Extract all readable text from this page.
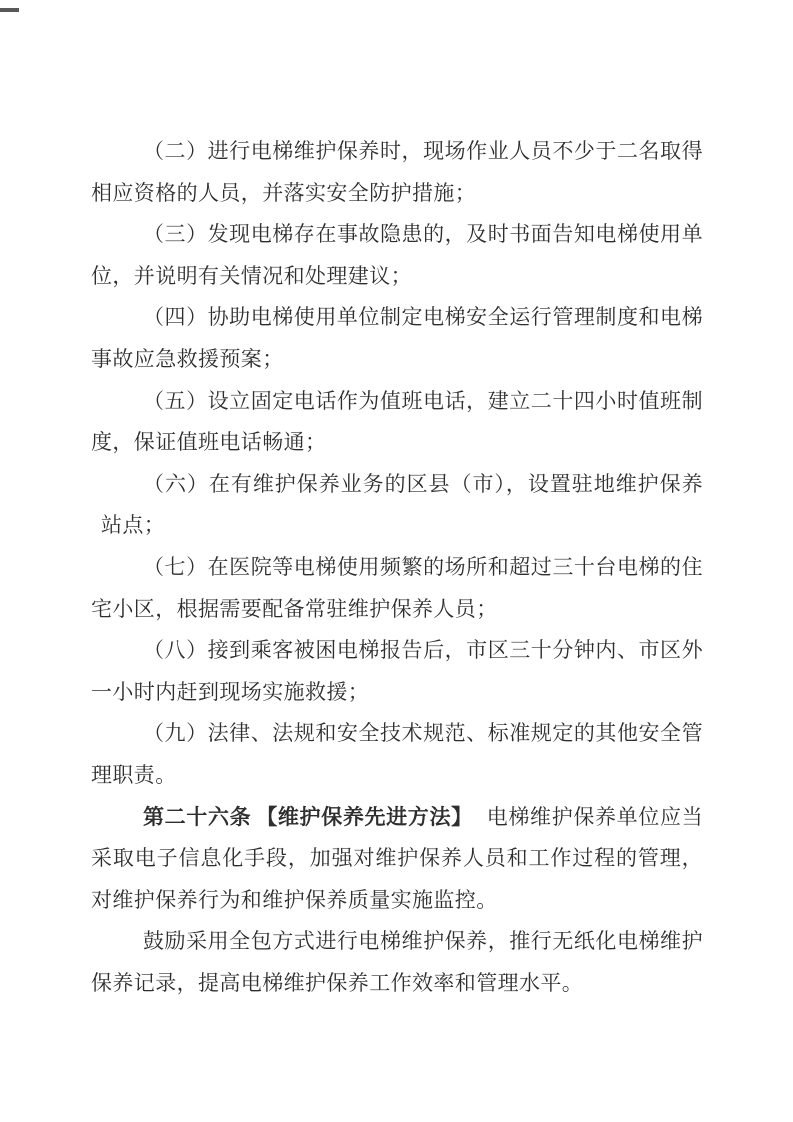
（二）进行电梯维护保养时，现场作业人员不少于二名取得
相应资格的人员，并落实安全防护措施；
（三）发现电梯存在事故隐患的，及时书面告知电梯使用单
位，并说明有关情况和处理建议；
（四）协助电梯使用单位制定电梯安全运行管理制度和电梯
事故应急救援预案；
（五）设立固定电话作为值班电话，建立二十四小时值班制
度，保证值班电话畅通；
（六）在有维护保养业务的区县（市），设置驻地维护保养
站点；
（七）在医院等电梯使用频繁的场所和超过三十台电梯的住
宅小区，根据需要配备常驻维护保养人员；
（八）接到乘客被困电梯报告后，市区三十分钟内、市区外
一小时内赶到现场实施救援；
（九）法律、法规和安全技术规范、标准规定的其他安全管
理职责。
第二十六条 【维护保养先进方法】 电梯维护保养单位应当
采取电子信息化手段，加强对维护保养人员和工作过程的管理，
对维护保养行为和维护保养质量实施监控。
鼓励采用全包方式进行电梯维护保养，推行无纸化电梯维护
保养记录，提高电梯维护保养工作效率和管理水平。
